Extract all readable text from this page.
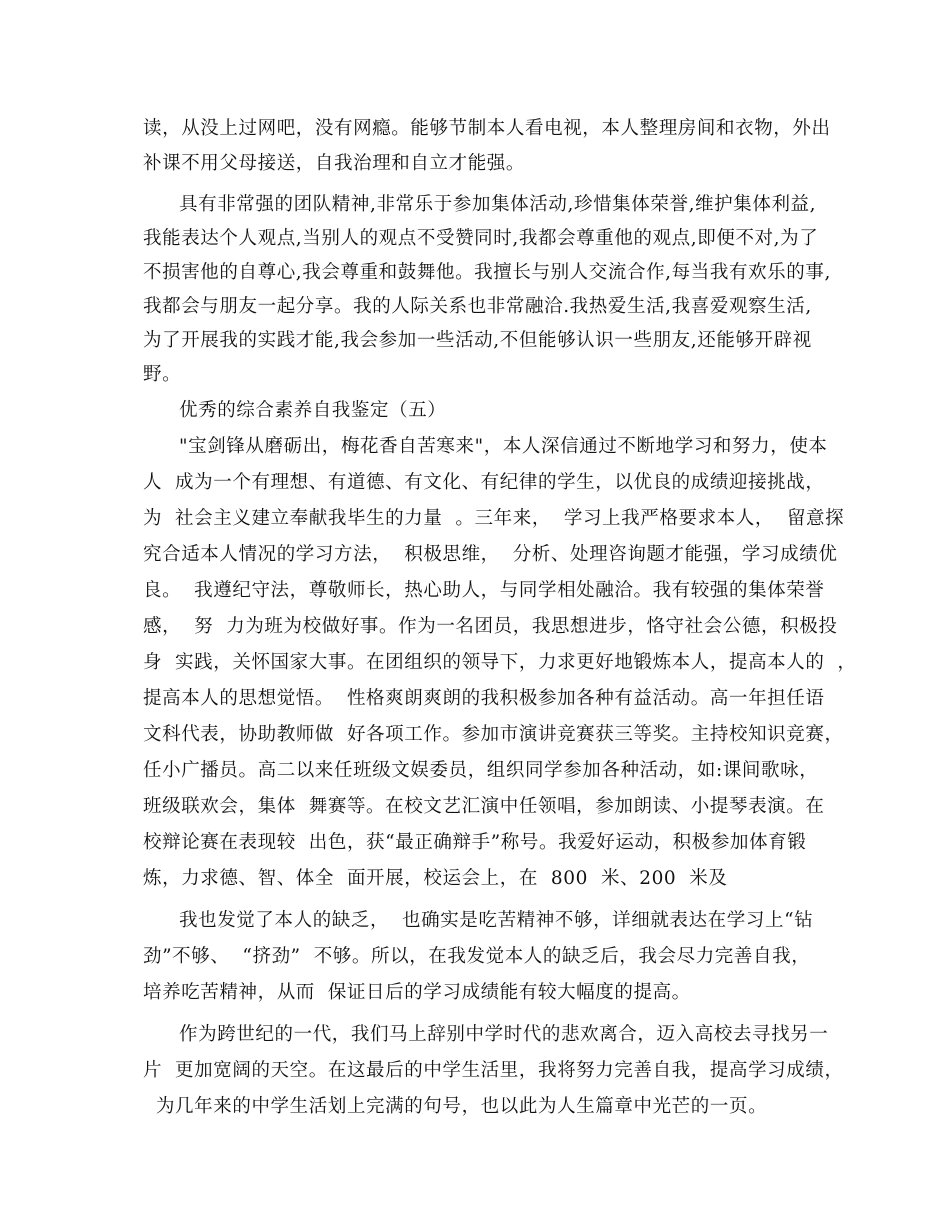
读，从没上过网吧，没有网瘾。能够节制本人看电视，本人整理房间和衣物，外出
补课不用父母接送，自我治理和自立才能强。
具有非常强的团队精神,非常乐于参加集体活动,珍惜集体荣誉,维护集体利益,
我能表达个人观点,当别人的观点不受赞同时,我都会尊重他的观点,即便不对,为了
不损害他的自尊心,我会尊重和鼓舞他。我擅长与别人交流合作,每当我有欢乐的事,
我都会与朋友一起分享。我的人际关系也非常融洽.我热爱生活,我喜爱观察生活,
为了开展我的实践才能,我会参加一些活动,不但能够认识一些朋友,还能够开辟视
野。
优秀的综合素养自我鉴定（五）
"宝剑锋从磨砺出，梅花香自苦寒来"，本人深信通过不断地学习和努力，使本
人  成为一个有理想、有道德、有文化、有纪律的学生，以优良的成绩迎接挑战，
为  社会主义建立奉献我毕生的力量  。三年来，  学习上我严格要求本人，  留意探
究合适本人情况的学习方法，  积极思维，  分析、处理咨询题才能强，学习成绩优
良。  我遵纪守法，尊敬师长，热心助人，与同学相处融洽。我有较强的集体荣誉
感，  努  力为班为校做好事。作为一名团员，我思想进步，恪守社会公德，积极投
身  实践，关怀国家大事。在团组织的领导下，力求更好地锻炼本人，提高本人的  ，
提高本人的思想觉悟。  性格爽朗爽朗的我积极参加各种有益活动。高一年担任语
文科代表，协助教师做  好各项工作。参加市演讲竞赛获三等奖。主持校知识竞赛，
任小广播员。高二以来任班级文娱委员，组织同学参加各种活动，如:课间歌咏，
班级联欢会，集体  舞赛等。在校文艺汇演中任领唱，参加朗读、小提琴表演。在
校辩论赛在表现较  出色，获“最正确辩手”称号。我爱好运动，积极参加体育锻
炼，力求德、智、体全  面开展，校运会上，在  800  米、200  米及
我也发觉了本人的缺乏，  也确实是吃苦精神不够，详细就表达在学习上“钻
劲”不够、  “挤劲”  不够。所以，在我发觉本人的缺乏后，我会尽力完善自我，
培养吃苦精神，从而  保证日后的学习成绩能有较大幅度的提高。
作为跨世纪的一代，我们马上辞别中学时代的悲欢离合，迈入高校去寻找另一
片  更加宽阔的天空。在这最后的中学生活里，我将努力完善自我，提高学习成绩，
为几年来的中学生活划上完满的句号，也以此为人生篇章中光芒的一页。
